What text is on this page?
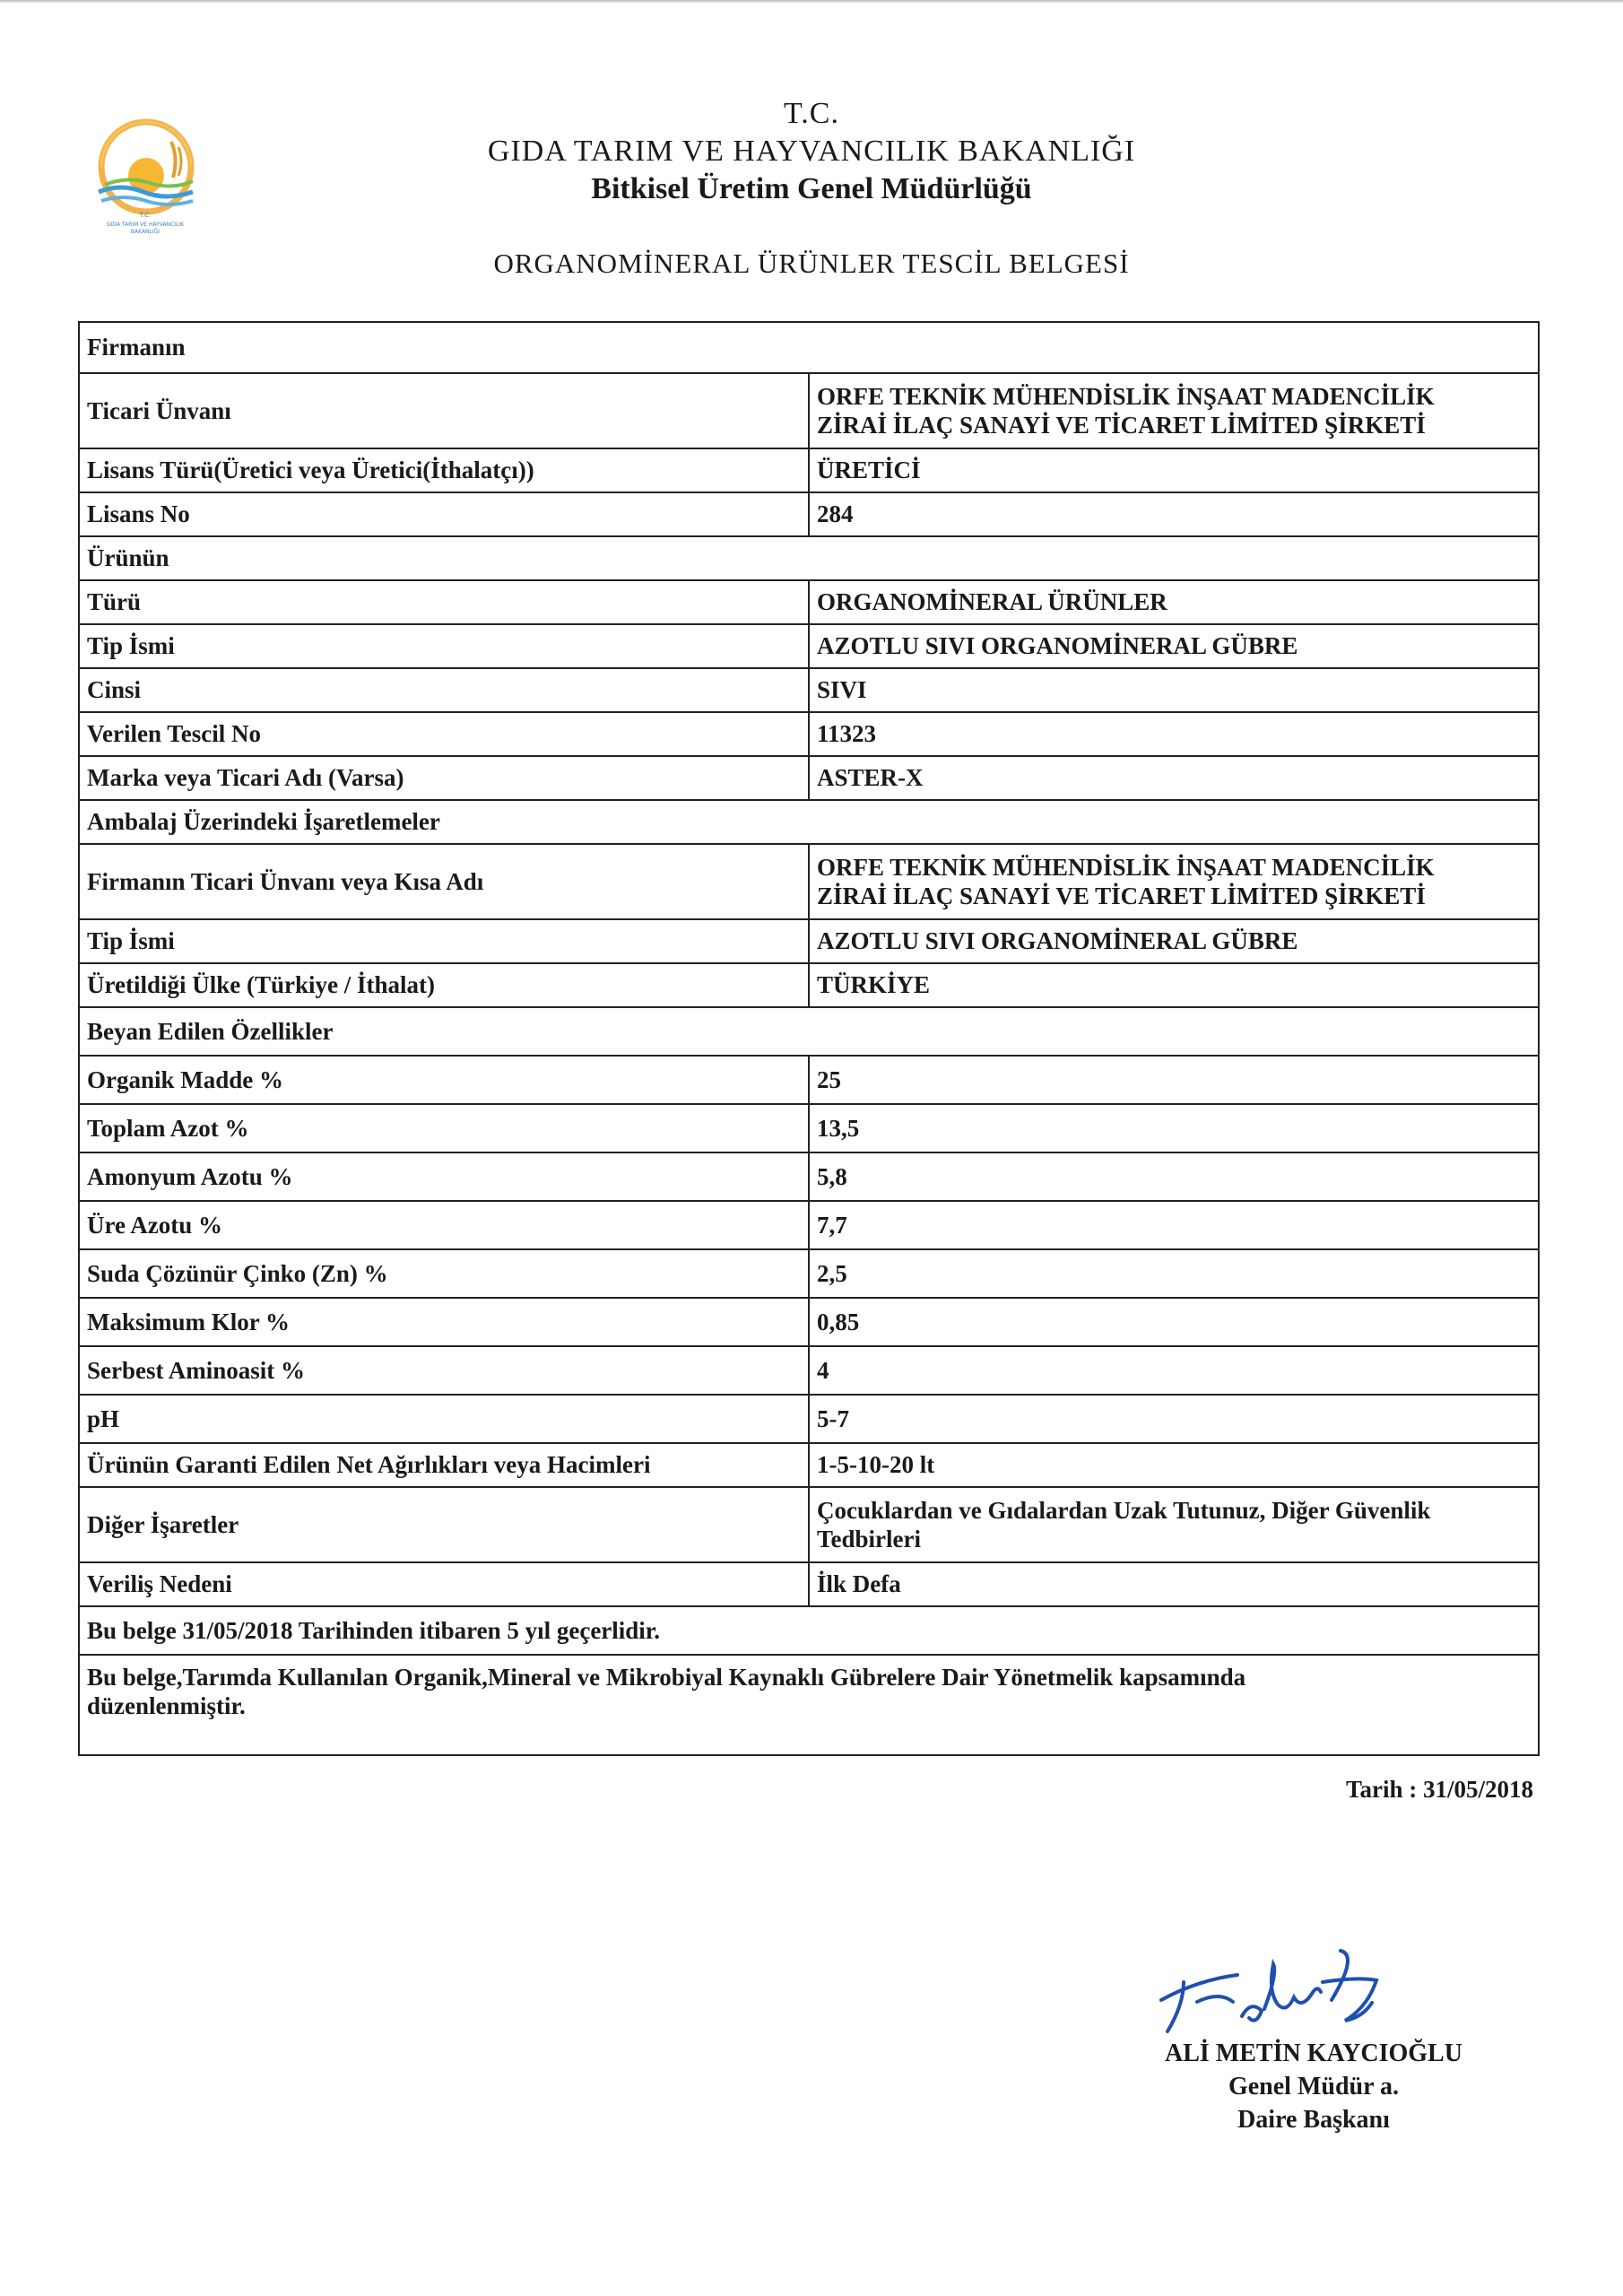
T.C.
GIDA TARIM VE HAYVANCILIK
BAKANLIĞI
T.C.
GIDA TARIM VE HAYVANCILIK BAKANLIĞI
Bitkisel Üretim Genel Müdürlüğü
ORGANOMİNERAL ÜRÜNLER TESCİL BELGESİ
Firmanın	
Ticari Ünvanı	ORFE TEKNİK MÜHENDİSLİK İNŞAAT MADENCİLİK
ZİRAİ İLAÇ SANAYİ VE TİCARET LİMİTED ŞİRKETİ

Lisans Türü(Üretici veya Üretici(İthalatçı))	ÜRETİCİ
Lisans No	284
Ürünün	
Türü	ORGANOMİNERAL ÜRÜNLER
Tip İsmi	AZOTLU SIVI ORGANOMİNERAL GÜBRE
Cinsi	SIVI
Verilen Tescil No	11323
Marka veya Ticari Adı (Varsa)	ASTER-X
Ambalaj Üzerindeki İşaretlemeler	
Firmanın Ticari Ünvanı veya Kısa Adı	ORFE TEKNİK MÜHENDİSLİK İNŞAAT MADENCİLİK
ZİRAİ İLAÇ SANAYİ VE TİCARET LİMİTED ŞİRKETİ

Tip İsmi	AZOTLU SIVI ORGANOMİNERAL GÜBRE
Üretildiği Ülke (Türkiye / İthalat)	TÜRKİYE
Beyan Edilen Özellikler	
Organik Madde %	25
Toplam Azot %	13,5
Amonyum Azotu %	5,8
Üre Azotu %	7,7
Suda Çözünür Çinko (Zn) %	2,5
Maksimum Klor %	0,85
Serbest Aminoasit %	4
pH	5-7
Ürünün Garanti Edilen Net Ağırlıkları veya Hacimleri	1-5-10-20 lt
Diğer İşaretler	Çocuklardan ve Gıdalardan Uzak Tutunuz, Diğer Güvenlik
Tedbirleri

Veriliş Nedeni	İlk Defa
Bu belge 31/05/2018 Tarihinden itibaren 5 yıl geçerlidir.	

Bu belge,Tarımda Kullanılan Organik,Mineral ve Mikrobiyal Kaynaklı Gübrelere Dair Yönetmelik kapsamında
düzenlenmiştir.	
Tarih : 31/05/2018
ALİ METİN KAYCIOĞLU
Genel Müdür a.
Daire Başkanı
